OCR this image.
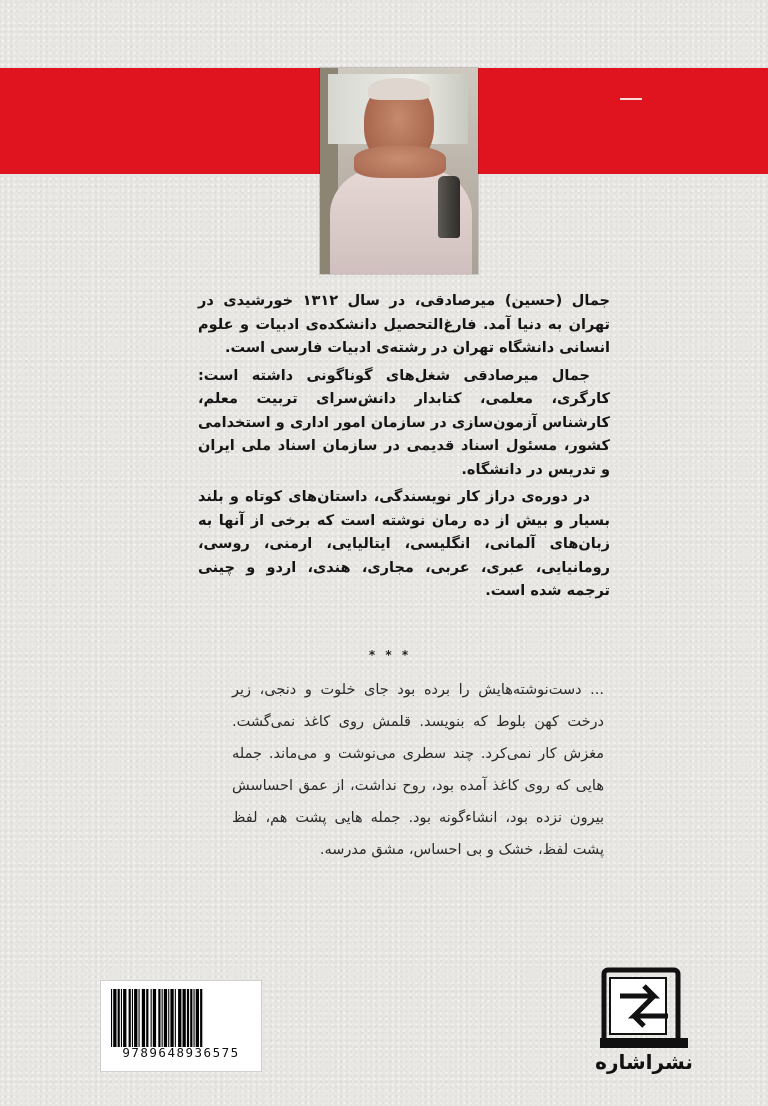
جمال (حسین) میرصادقی، در سال ۱۳۱۲ خورشیدی در تهران به دنیا آمد. فارغ‌التحصیل دانشکده‌ی ادبیات و علوم انسانی دانشگاه تهران در رشته‌ی ادبیات فارسی است.

جمال میرصادقی شغل‌های گوناگونی داشته است: کارگری، معلمی، کتابدار دانش‌سرای تربیت معلم، کارشناس آزمون‌سازی در سازمان امور اداری و استخدامی کشور، مسئول اسناد قدیمی در سازمان اسناد ملی ایران و تدریس در دانشگاه.

در دوره‌ی دراز کار نویسندگی، داستان‌های کوتاه و بلند بسیار و بیش از ده رمان نوشته است که برخی از آنها به زبان‌های آلمانی، انگلیسی، ایتالیایی، ارمنی، روسی، رومانیایی، عبری، عربی، مجاری، هندی، اردو و چینی ترجمه شده است.

* * *
... دست‌نوشته‌هایش را برده بود جای خلوت و دنجی، زیر درخت کهن بلوط که بنویسد. قلمش روی کاغذ نمی‌گشت. مغزش کار نمی‌کرد. چند سطری می‌نوشت و می‌ماند. جمله هایی که روی کاغذ آمده بود، روح نداشت، از عمق احساسش بیرون نزده بود، انشاءگونه بود. جمله هایی پشت هم، لفظ پشت لفظ، خشک و بی احساس، مشق مدرسه.
9789648936575	نشراشاره
